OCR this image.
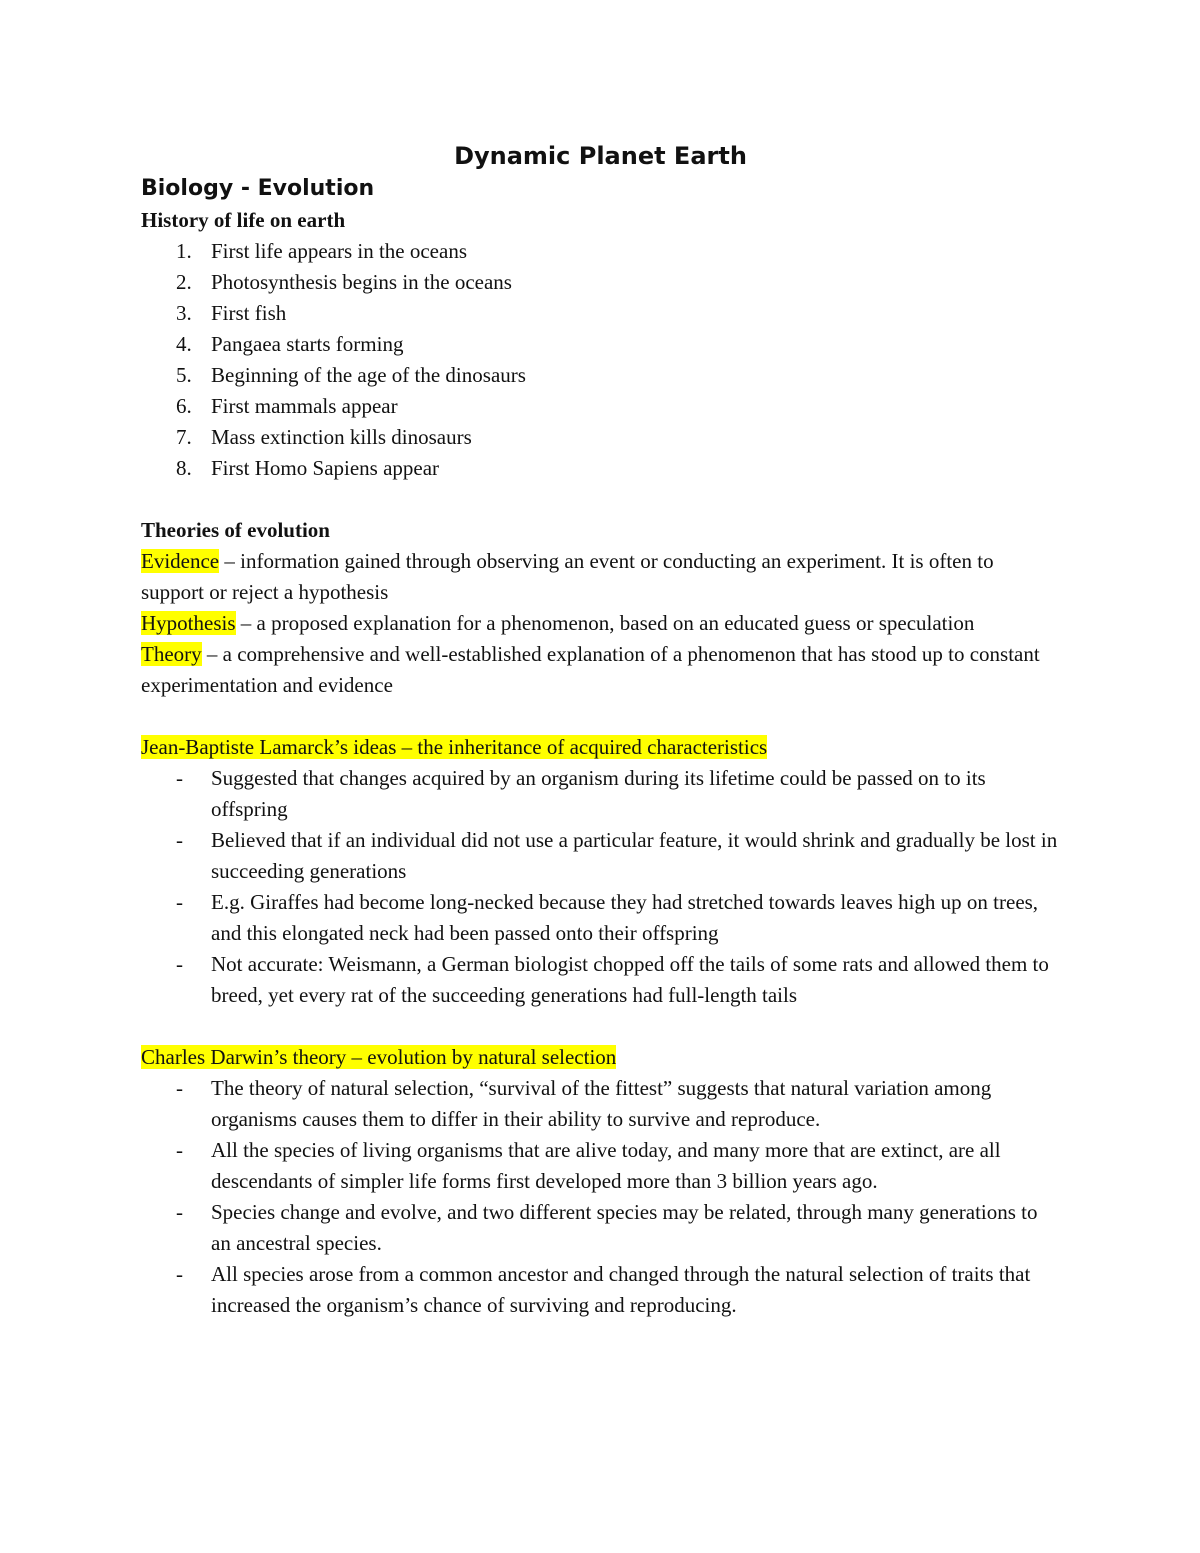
Dynamic Planet Earth
Biology - Evolution
History of life on earth
1. First life appears in the oceans
2. Photosynthesis begins in the oceans
3. First fish
4. Pangaea starts forming
5. Beginning of the age of the dinosaurs
6. First mammals appear
7. Mass extinction kills dinosaurs
8. First Homo Sapiens appear
Theories of evolution

Evidence – information gained through observing an event or conducting an experiment. It is often to support or reject a hypothesis

Hypothesis – a proposed explanation for a phenomenon, based on an educated guess or speculation

Theory – a comprehensive and well-established explanation of a phenomenon that has stood up to constant experimentation and evidence

Jean-Baptiste Lamarck’s ideas – the inheritance of acquired characteristics

- Suggested that changes acquired by an organism during its lifetime could be passed on to its offspring
- Believed that if an individual did not use a particular feature, it would shrink and gradually be lost in succeeding generations
- E.g. Giraffes had become long-necked because they had stretched towards leaves high up on trees, and this elongated neck had been passed onto their offspring
- Not accurate: Weismann, a German biologist chopped off the tails of some rats and allowed them to breed, yet every rat of the succeeding generations had full-length tails

Charles Darwin’s theory – evolution by natural selection

- The theory of natural selection, “survival of the fittest” suggests that natural variation among organisms causes them to differ in their ability to survive and reproduce.
- All the species of living organisms that are alive today, and many more that are extinct, are all descendants of simpler life forms first developed more than 3 billion years ago.
- Species change and evolve, and two different species may be related, through many generations to an ancestral species.
- All species arose from a common ancestor and changed through the natural selection of traits that increased the organism’s chance of surviving and reproducing.
